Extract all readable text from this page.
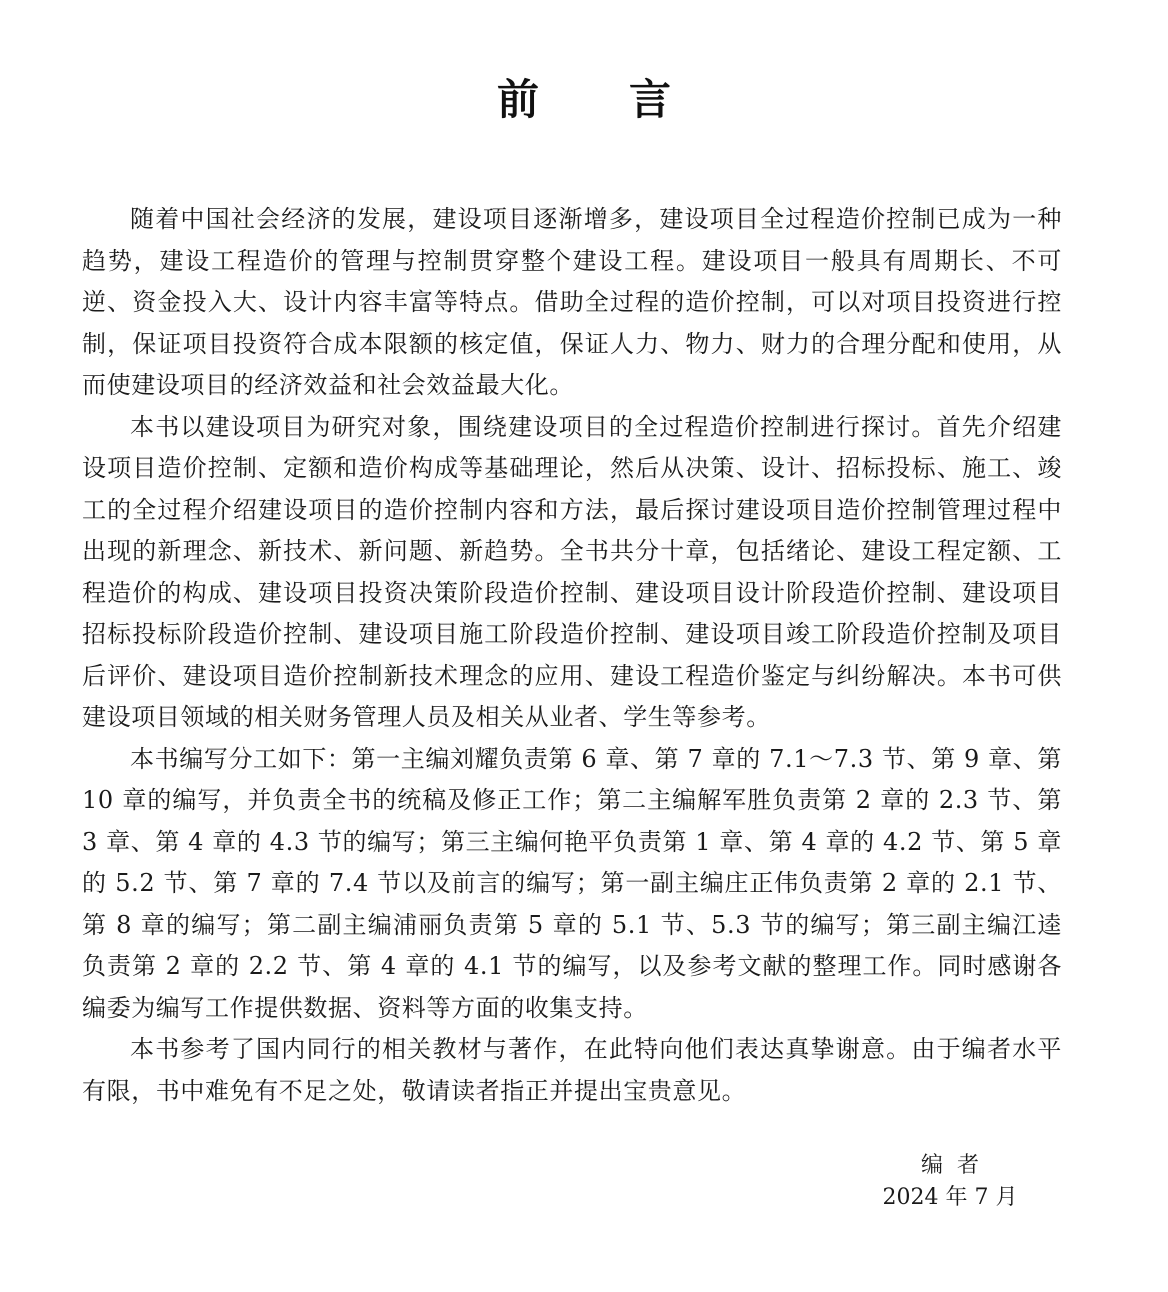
前言

随着中国社会经济的发展，建设项目逐渐增多，建设项目全过程造价控制已成为一种趋势，建设工程造价的管理与控制贯穿整个建设工程。建设项目一般具有周期长、不可逆、资金投入大、设计内容丰富等特点。借助全过程的造价控制，可以对项目投资进行控制，保证项目投资符合成本限额的核定值，保证人力、物力、财力的合理分配和使用，从而使建设项目的经济效益和社会效益最大化。

本书以建设项目为研究对象，围绕建设项目的全过程造价控制进行探讨。首先介绍建设项目造价控制、定额和造价构成等基础理论，然后从决策、设计、招标投标、施工、竣工的全过程介绍建设项目的造价控制内容和方法，最后探讨建设项目造价控制管理过程中出现的新理念、新技术、新问题、新趋势。全书共分十章，包括绪论、建设工程定额、工程造价的构成、建设项目投资决策阶段造价控制、建设项目设计阶段造价控制、建设项目招标投标阶段造价控制、建设项目施工阶段造价控制、建设项目竣工阶段造价控制及项目后评价、建设项目造价控制新技术理念的应用、建设工程造价鉴定与纠纷解决。本书可供建设项目领域的相关财务管理人员及相关从业者、学生等参考。

本书编写分工如下：第一主编刘耀负责第 6 章、第 7 章的 7.1～7.3 节、第 9 章、第 10 章的编写，并负责全书的统稿及修正工作；第二主编解军胜负责第 2 章的 2.3 节、第 3 章、第 4 章的 4.3 节的编写；第三主编何艳平负责第 1 章、第 4 章的 4.2 节、第 5 章的 5.2 节、第 7 章的 7.4 节以及前言的编写；第一副主编庄正伟负责第 2 章的 2.1 节、第 8 章的编写；第二副主编浦丽负责第 5 章的 5.1 节、5.3 节的编写；第三副主编江逵负责第 2 章的 2.2 节、第 4 章的 4.1 节的编写，以及参考文献的整理工作。同时感谢各编委为编写工作提供数据、资料等方面的收集支持。

本书参考了国内同行的相关教材与著作，在此特向他们表达真挚谢意。由于编者水平有限，书中难免有不足之处，敬请读者指正并提出宝贵意见。

编者
2024 年 7 月
